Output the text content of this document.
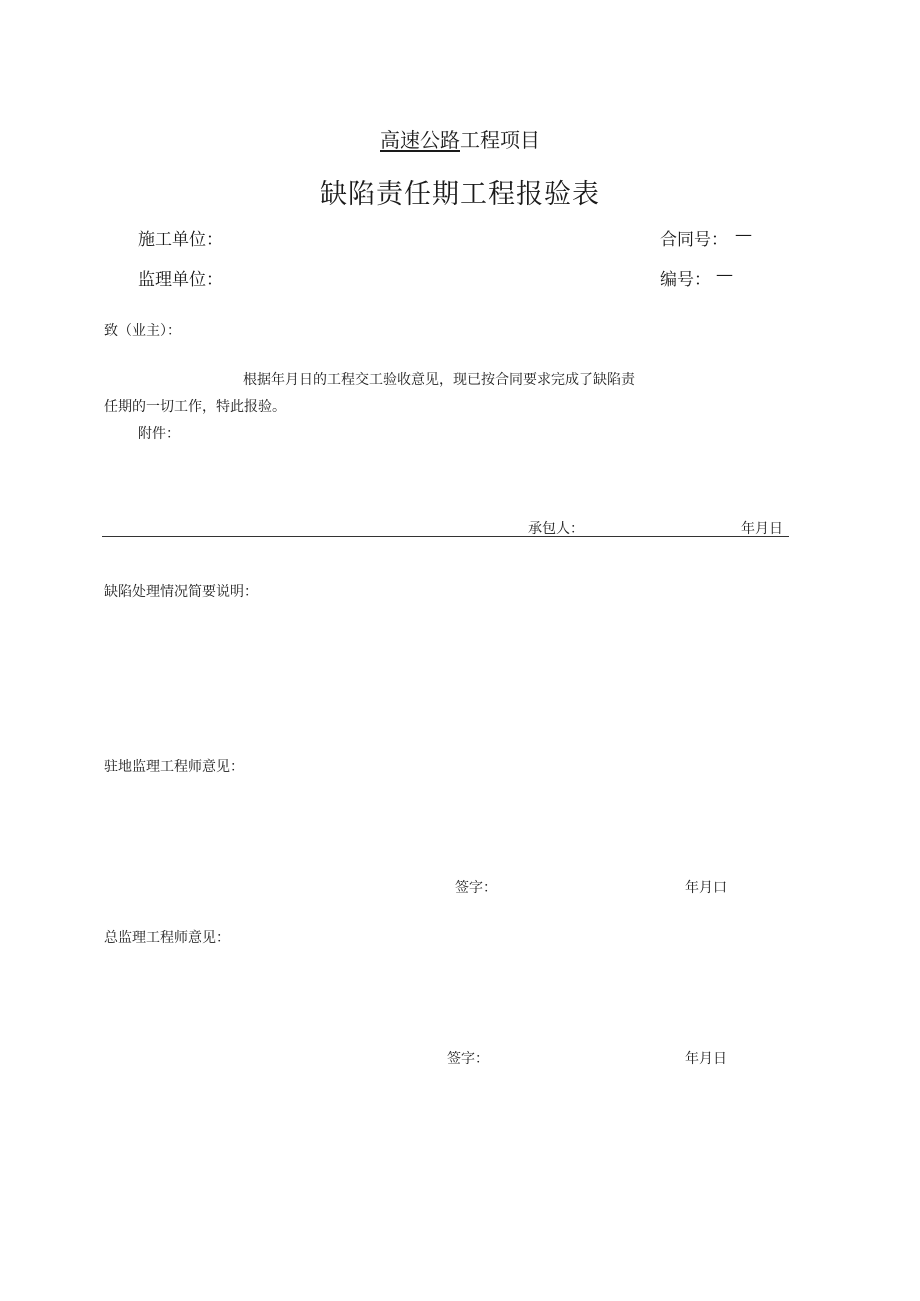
高速公路工程项目
缺陷责任期工程报验表
施工单位：	合同号： —
监理单位：	编号： —
致（业主）：
根据年月日的工程交工验收意见，现已按合同要求完成了缺陷责
任期的一切工作，特此报验。
附件：
承包人：	年月日
缺陷处理情况简要说明：
驻地监理工程师意见：
签字：	年月口
总监理工程师意见：
签字：	年月日
